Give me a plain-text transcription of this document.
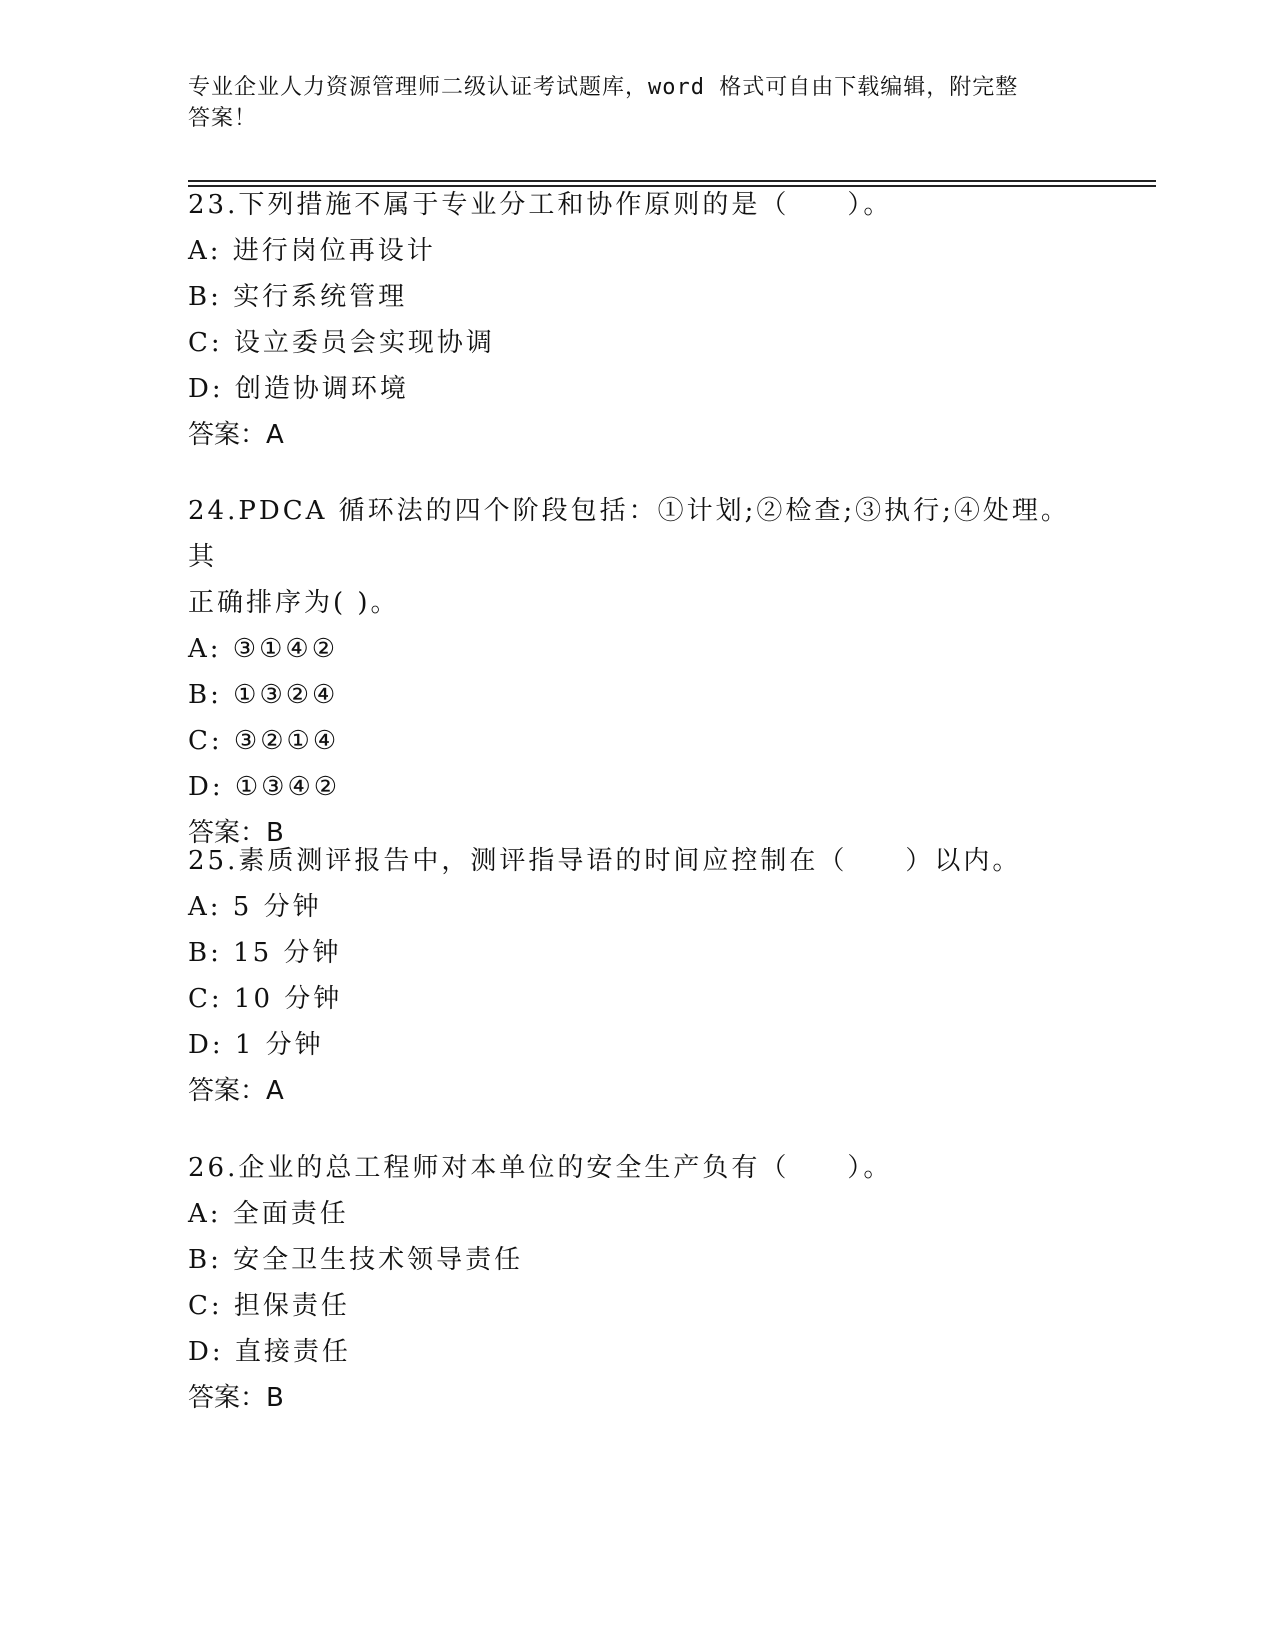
专业企业人力资源管理师二级认证考试题库，word 格式可自由下载编辑，附完整
答案！

23.下列措施不属于专业分工和协作原则的是（　　）。

A: 进行岗位再设计

B: 实行系统管理

C: 设立委员会实现协调

D: 创造协调环境

答案：A

24.PDCA 循环法的四个阶段包括：①计划;②检查;③执行;④处理。其

正确排序为( )。

A: ③①④②

B: ①③②④

C: ③②①④

D: ①③④②

答案：B

25.素质测评报告中，测评指导语的时间应控制在（　　）以内。

A: 5 分钟

B: 15 分钟

C: 10 分钟

D: 1 分钟

答案：A

26.企业的总工程师对本单位的安全生产负有（　　）。

A: 全面责任

B: 安全卫生技术领导责任

C: 担保责任

D: 直接责任

答案：B
